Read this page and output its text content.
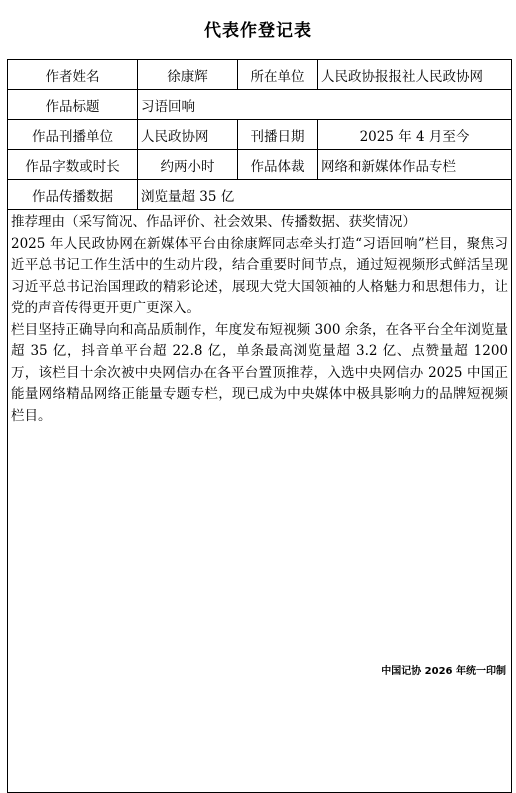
代表作登记表
作者姓名	徐康辉	所在单位	人民政协报报社人民政协网
作品标题	习语回响		
作品刊播单位	人民政协网	刊播日期	2025 年 4 月至今
作品字数或时长	约两小时	作品体裁	网络和新媒体作品专栏
作品传播数据	浏览量超 35 亿		

推荐理由（采写简况、作品评价、社会效果、传播数据、获奖情况）

2025 年人民政协网在新媒体平台由徐康辉同志牵头打造“习语回响”栏目，聚焦习近平总书记工作生活中的生动片段，结合重要时间节点，通过短视频形式鲜活呈现习近平总书记治国理政的精彩论述，展现大党大国领袖的人格魅力和思想伟力，让党的声音传得更开更广更深入。

栏目坚持正确导向和高品质制作，年度发布短视频 300 余条，在各平台全年浏览量超 35 亿，抖音单平台超 22.8 亿，单条最高浏览量超 3.2 亿、点赞量超 1200 万，该栏目十余次被中央网信办在各平台置顶推荐，入选中央网信办 2025 中国正能量网络精品网络正能量专题专栏，现已成为中央媒体中极具影响力的品牌短视频栏目。			

中国记协 2026 年统一印制
